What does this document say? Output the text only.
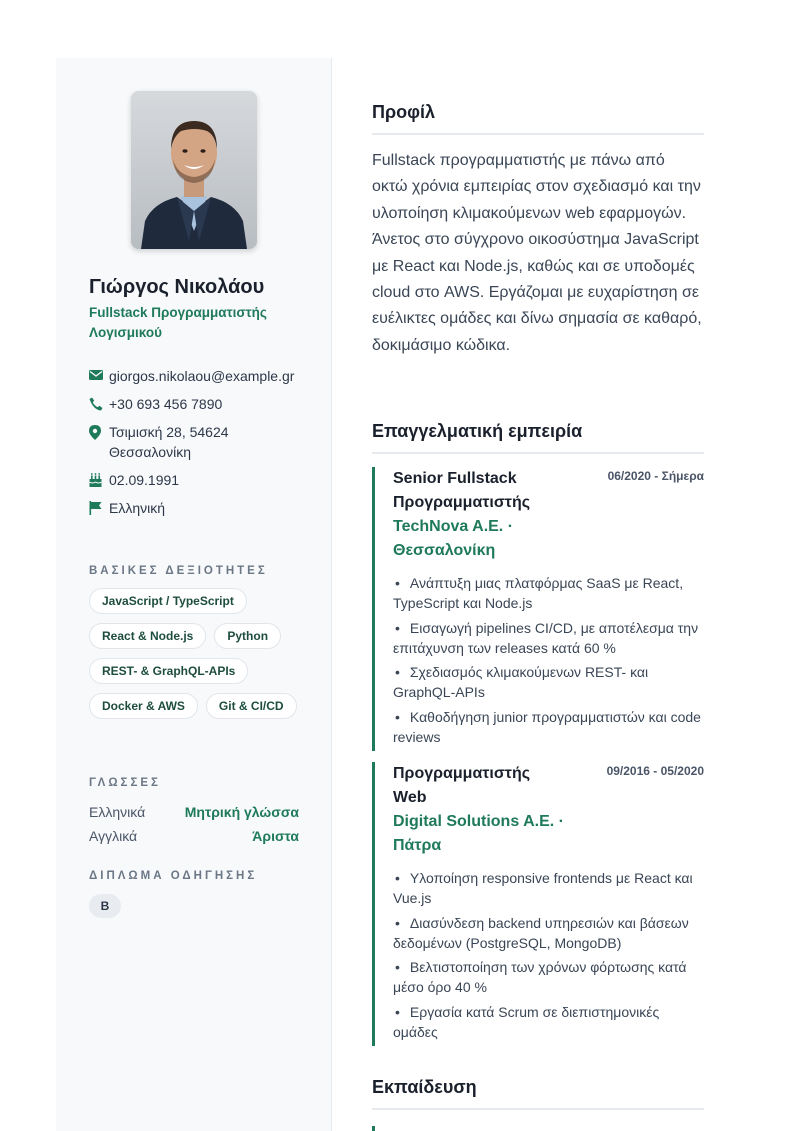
Γιώργος Νικολάου
Fullstack Προγραμματιστής Λογισμικού
giorgos.nikolaou@example.gr
+30 693 456 7890
Τσιμισκή 28, 54624 Θεσσαλονίκη
02.09.1991
Ελληνική
ΒΑΣΙΚΕΣ ΔΕΞΙΟΤΗΤΕΣ
JavaScript / TypeScript
React & Node.js	Python
REST- & GraphQL-APIs
Docker & AWS	Git & CI/CD
ΓΛΩΣΣΕΣ
Ελληνικά	Μητρική γλώσσα
Αγγλικά	Άριστα
ΔΙΠΛΩΜΑ ΟΔΗΓΗΣΗΣ
B
Προφίλ
Fullstack προγραμματιστής με πάνω από οκτώ χρόνια εμπειρίας στον σχεδιασμό και την υλοποίηση κλιμακούμενων web εφαρμογών. Άνετος στο σύγχρονο οικοσύστημα JavaScript με React και Node.js, καθώς και σε υποδομές cloud στο AWS. Εργάζομαι με ευχαρίστηση σε ευέλικτες ομάδες και δίνω σημασία σε καθαρό, δοκιμάσιμο κώδικα.
Επαγγελματική εμπειρία
Senior Fullstack Προγραμματιστής
TechNova A.E. · Θεσσαλονίκη
06/2020 - Σήμερα
• Ανάπτυξη μιας πλατφόρμας SaaS με React, TypeScript και Node.js
• Εισαγωγή pipelines CI/CD, με αποτέλεσμα την επιτάχυνση των releases κατά 60 %
• Σχεδιασμός κλιμακούμενων REST- και GraphQL-APIs
• Καθοδήγηση junior προγραμματιστών και code reviews
Προγραμματιστής Web
Digital Solutions A.E. · Πάτρα
09/2016 - 05/2020
• Υλοποίηση responsive frontends με React και Vue.js
• Διασύνδεση backend υπηρεσιών και βάσεων δεδομένων (PostgreSQL, MongoDB)
• Βελτιστοποίηση των χρόνων φόρτωσης κατά μέσο όρο 40 %
• Εργασία κατά Scrum σε διεπιστημονικές ομάδες
Εκπαίδευση
